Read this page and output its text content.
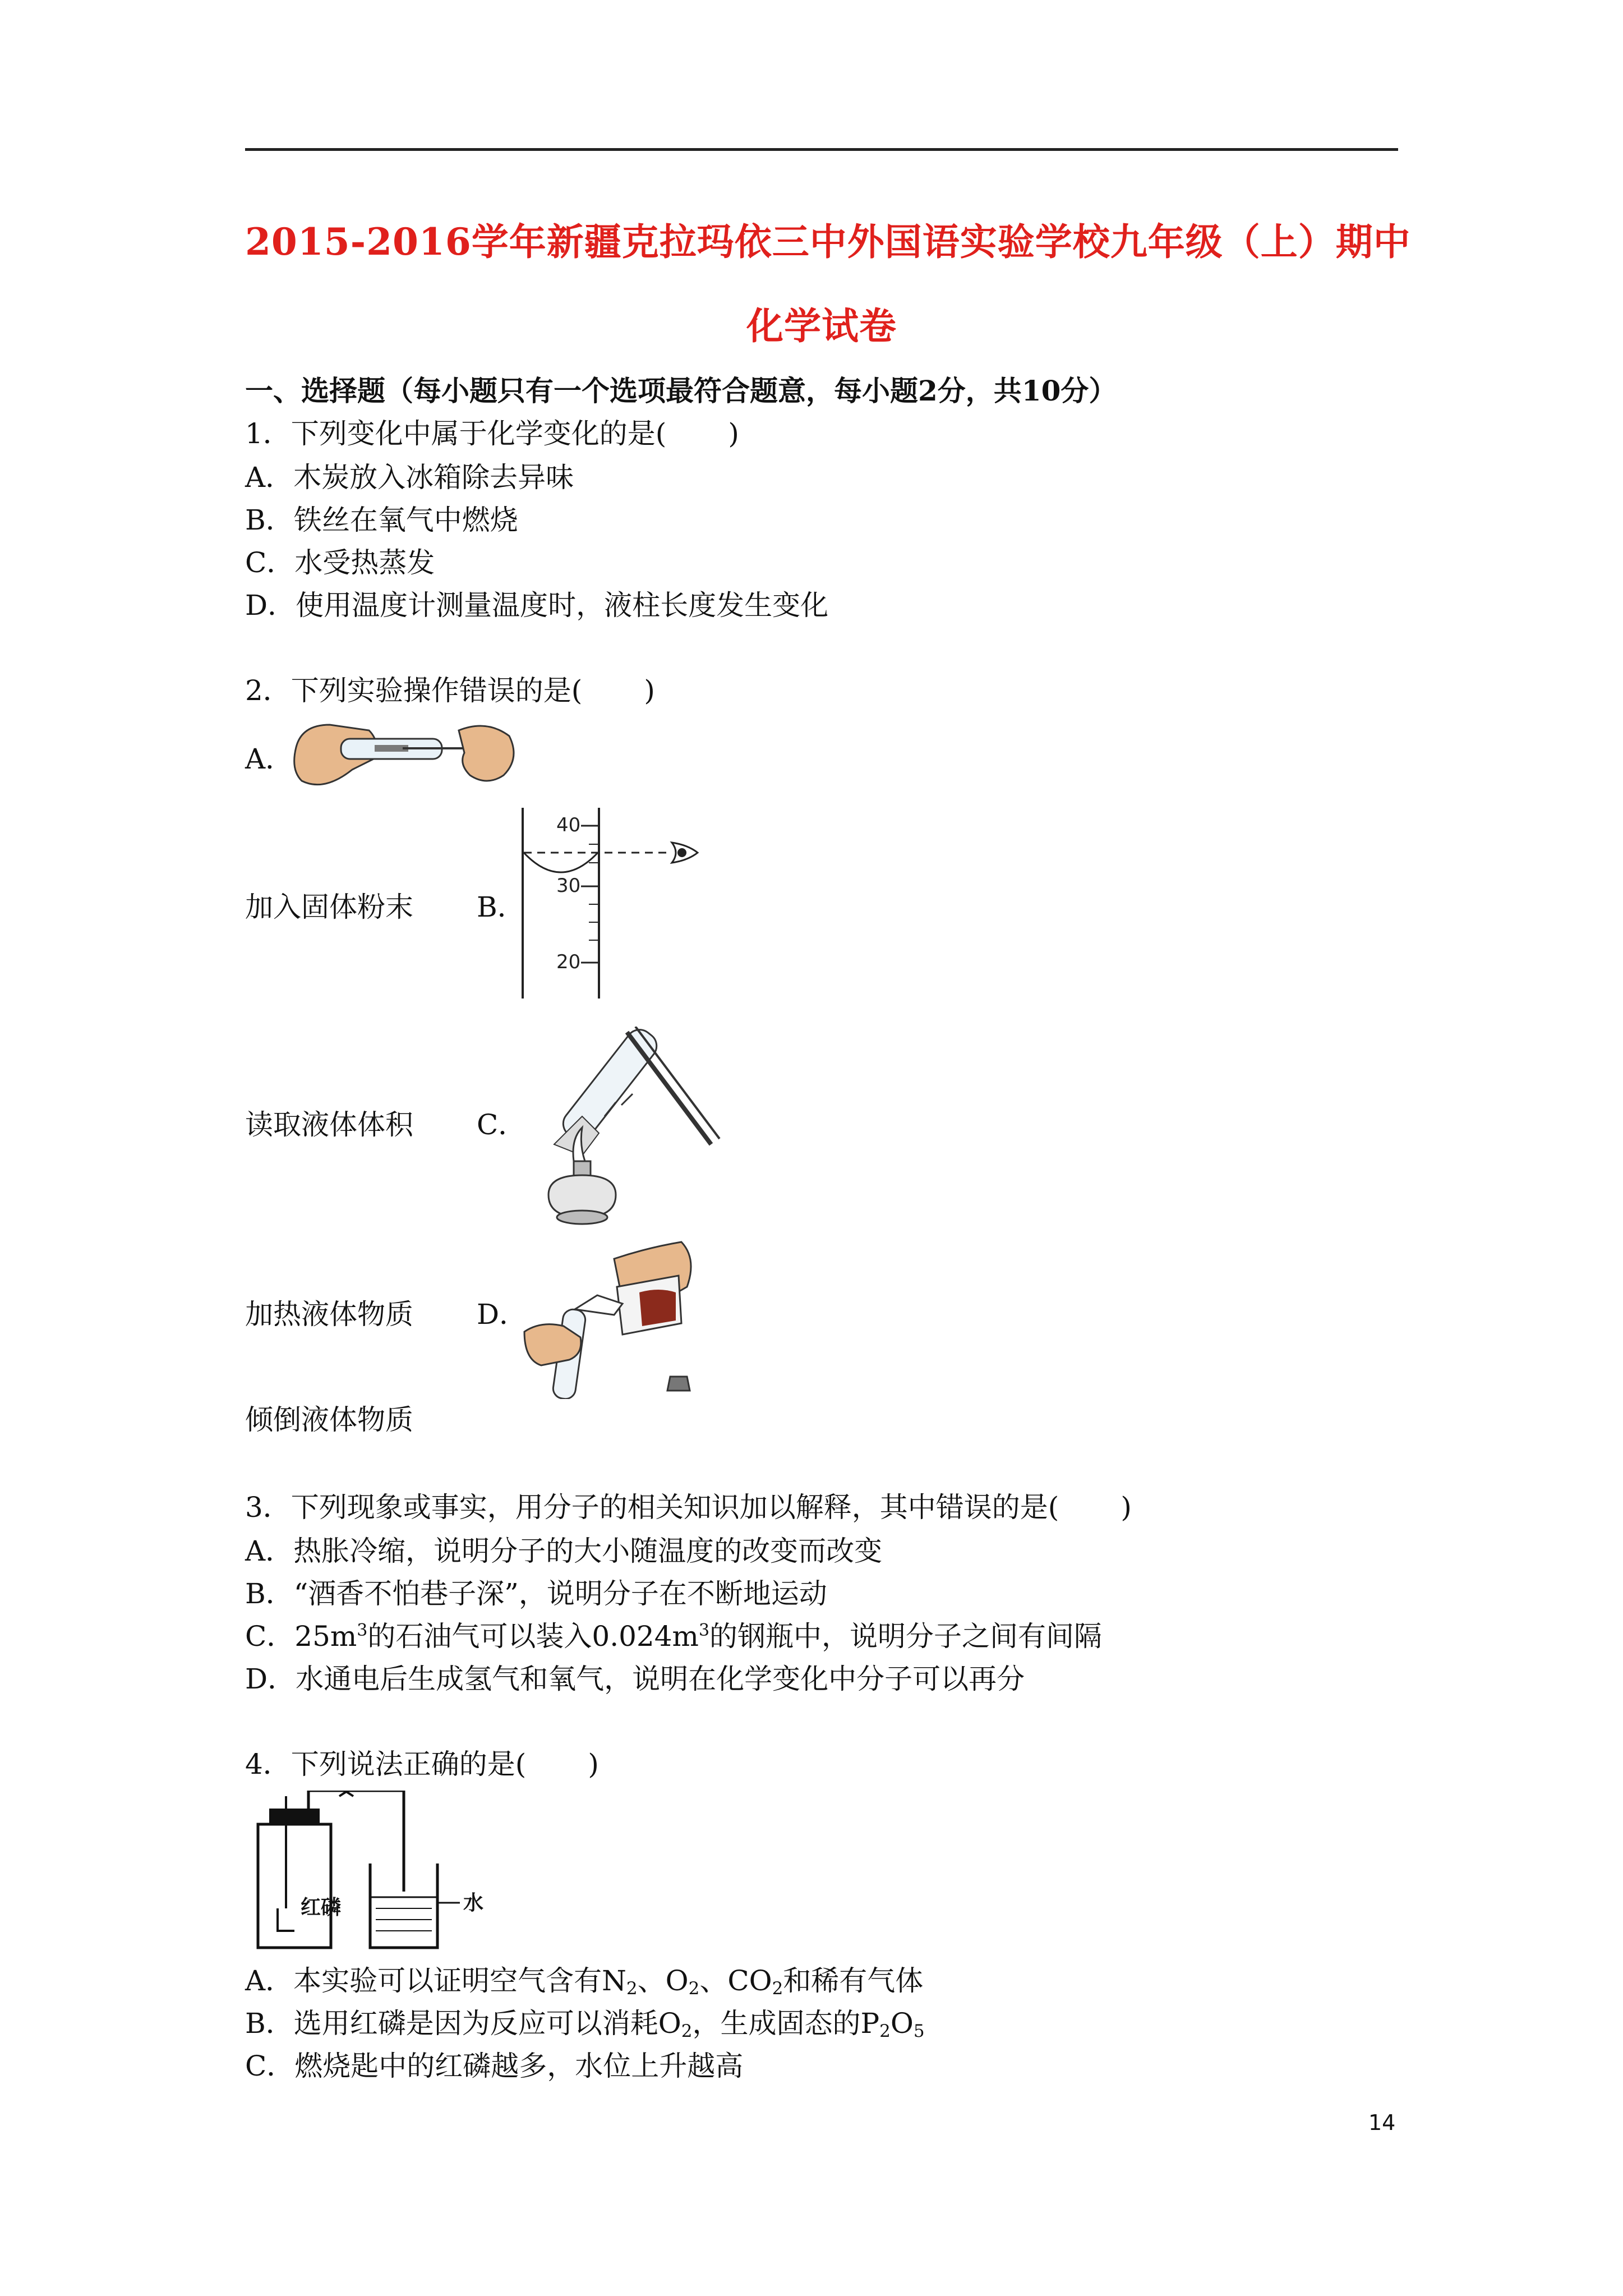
2015-2016学年新疆克拉玛依三中外国语实验学校九年级（上）期中
化学试卷
一、选择题（每小题只有一个选项最符合题意，每小题2分，共10分）
1．下列变化中属于化学变化的是( )
A．木炭放入冰箱除去异味
B．铁丝在氧气中燃烧
C．水受热蒸发
D．使用温度计测量温度时，液柱长度发生变化
2．下列实验操作错误的是( )
A．
加入固体粉末 B．
40
30
20
读取液体体积 C．
加热液体物质 D．
倾倒液体物质
3．下列现象或事实，用分子的相关知识加以解释，其中错误的是( )
A．热胀冷缩，说明分子的大小随温度的改变而改变
B．“酒香不怕巷子深”，说明分子在不断地运动
C．$25m^3$的石油气可以装入$0.024m^3$的钢瓶中，说明分子之间有间隔
D．水通电后生成氢气和氧气，说明在化学变化中分子可以再分
4．下列说法正确的是( )
红磷	水
A．本实验可以证明空气含有$N_2$、$O_2$、$CO_2$和稀有气体
B．选用红磷是因为反应可以消耗$O_2$，生成固态的$P_2O_5$
C．燃烧匙中的红磷越多，水位上升越高
14
